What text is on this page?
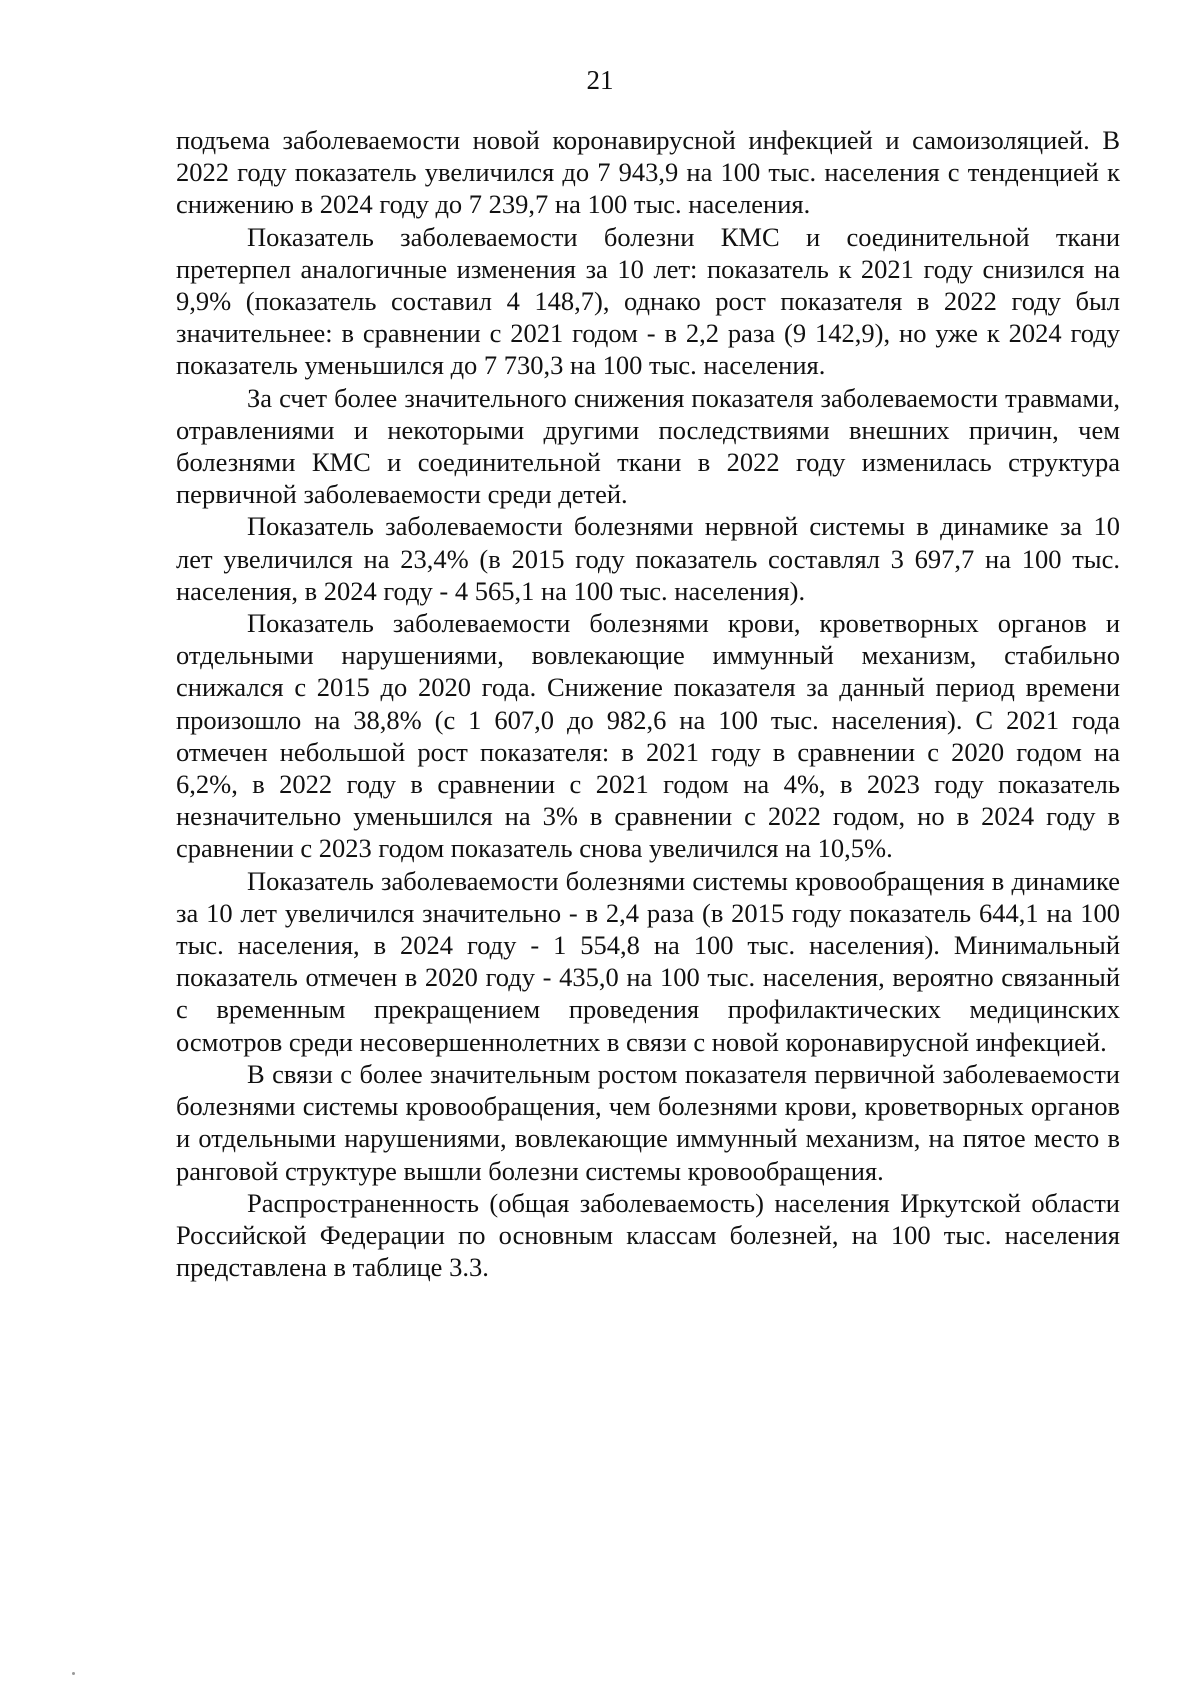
21

подъема заболеваемости новой коронавирусной инфекцией и самоизоляцией. В 2022 году показатель увеличился до 7 943,9 на 100 тыс. населения с тенденцией к снижению в 2024 году до 7 239,7 на 100 тыс. населения.

Показатель заболеваемости болезни КМС и соединительной ткани претерпел аналогичные изменения за 10 лет: показатель к 2021 году снизился на 9,9% (показатель составил 4 148,7), однако рост показателя в 2022 году был значительнее: в сравнении с 2021 годом - в 2,2 раза (9 142,9), но уже к 2024 году показатель уменьшился до 7 730,3 на 100 тыс. населения.

За счет более значительного снижения показателя заболеваемости травмами, отравлениями и некоторыми другими последствиями внешних причин, чем болезнями КМС и соединительной ткани в 2022 году изменилась структура первичной заболеваемости среди детей.

Показатель заболеваемости болезнями нервной системы в динамике за 10 лет увеличился на 23,4% (в 2015 году показатель составлял 3 697,7 на 100 тыс. населения, в 2024 году - 4 565,1 на 100 тыс. населения).

Показатель заболеваемости болезнями крови, кроветворных органов и отдельными нарушениями, вовлекающие иммунный механизм, стабильно снижался с 2015 до 2020 года. Снижение показателя за данный период времени произошло на 38,8% (с 1 607,0 до 982,6 на 100 тыс. населения). С 2021 года отмечен небольшой рост показателя: в 2021 году в сравнении с 2020 годом на 6,2%, в 2022 году в сравнении с 2021 годом на 4%, в 2023 году показатель незначительно уменьшился на 3% в сравнении с 2022 годом, но в 2024 году в сравнении с 2023 годом показатель снова увеличился на 10,5%.

Показатель заболеваемости болезнями системы кровообращения в динамике за 10 лет увеличился значительно - в 2,4 раза (в 2015 году показатель 644,1 на 100 тыс. населения, в 2024 году - 1 554,8 на 100 тыс. населения). Минимальный показатель отмечен в 2020 году - 435,0 на 100 тыс. населения, вероятно связанный с временным прекращением проведения профилактических медицинских осмотров среди несовершеннолетних в связи с новой коронавирусной инфекцией.

В связи с более значительным ростом показателя первичной заболеваемости болезнями системы кровообращения, чем болезнями крови, кроветворных органов и отдельными нарушениями, вовлекающие иммунный механизм, на пятое место в ранговой структуре вышли болезни системы кровообращения.

Распространенность (общая заболеваемость) населения Иркутской области Российской Федерации по основным классам болезней, на 100 тыс. населения представлена в таблице 3.3.
